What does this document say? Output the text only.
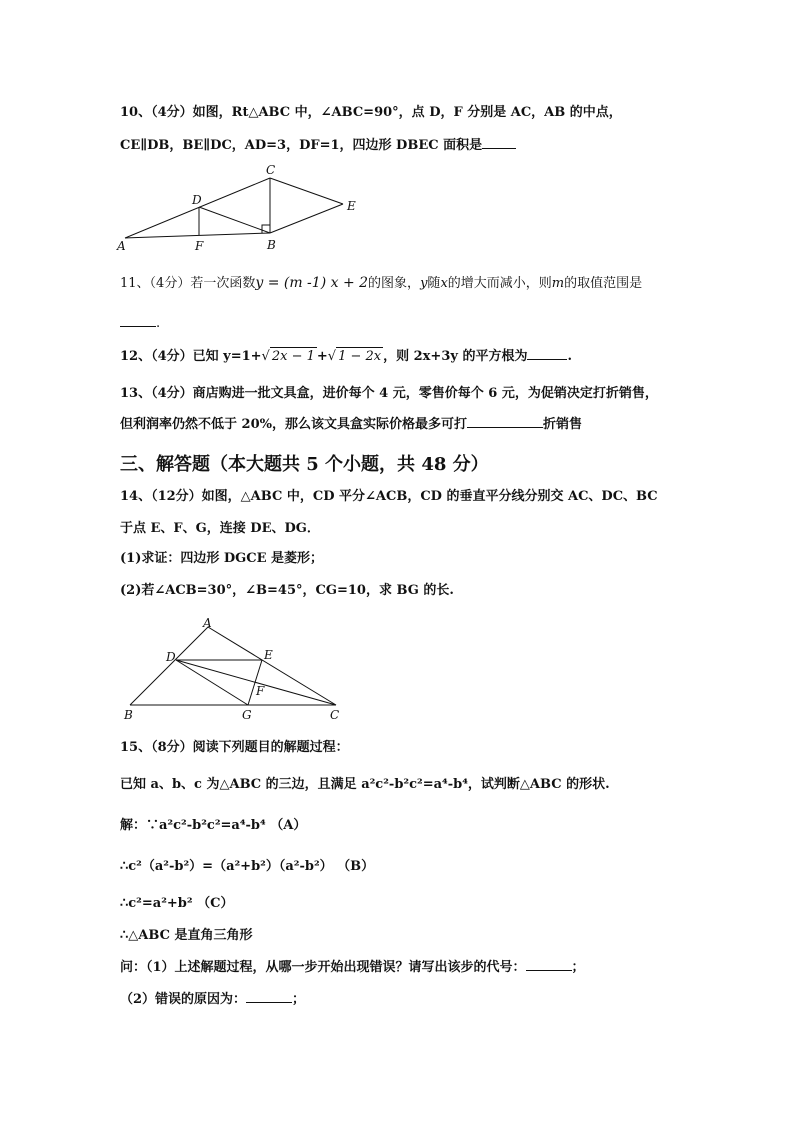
10、（4分）如图，Rt△ABC 中，∠ABC=90°，点 D，F 分别是 AC，AB 的中点，
CE∥DB，BE∥DC，AD=3，DF=1，四边形 DBEC 面积是
A	F	B
D
C
E
11、（4分）若一次函数y = (m -1) x + 2的图象，y随x的增大而减小，则m的取值范围是
.
12、（4分）已知 y=1+√ 2x − 1 +√ 1 − 2x ，则 2x+3y 的平方根为	.
13、（4分）商店购进一批文具盒，进价每个 4 元，零售价每个 6 元，为促销决定打折销售，
但利润率仍然不低于 20%，那么该文具盒实际价格最多可打	折销售
三、解答题（本大题共 5 个小题，共 48 分）
14、（12分）如图，△ABC 中，CD 平分∠ACB，CD 的垂直平分线分别交 AC、DC、BC
于点 E、F、G，连接 DE、DG．
(1)求证：四边形 DGCE 是菱形；
(2)若∠ACB=30°，∠B=45°，CG=10，求 BG 的长.
A
D	E
F
B	G	C
15、（8分）阅读下列题目的解题过程：
已知 a、b、c 为△ABC 的三边，且满足 a²c²-b²c²=a⁴-b⁴，试判断△ABC 的形状.
解：∵a²c²-b²c²=a⁴-b⁴ （A）
∴c²（a²-b²）=（a²+b²）（a²-b²） （B）
∴c²=a²+b² （C）
∴△ABC 是直角三角形
问：（1）上述解题过程，从哪一步开始出现错误？请写出该步的代号：	；
（2）错误的原因为：	；
